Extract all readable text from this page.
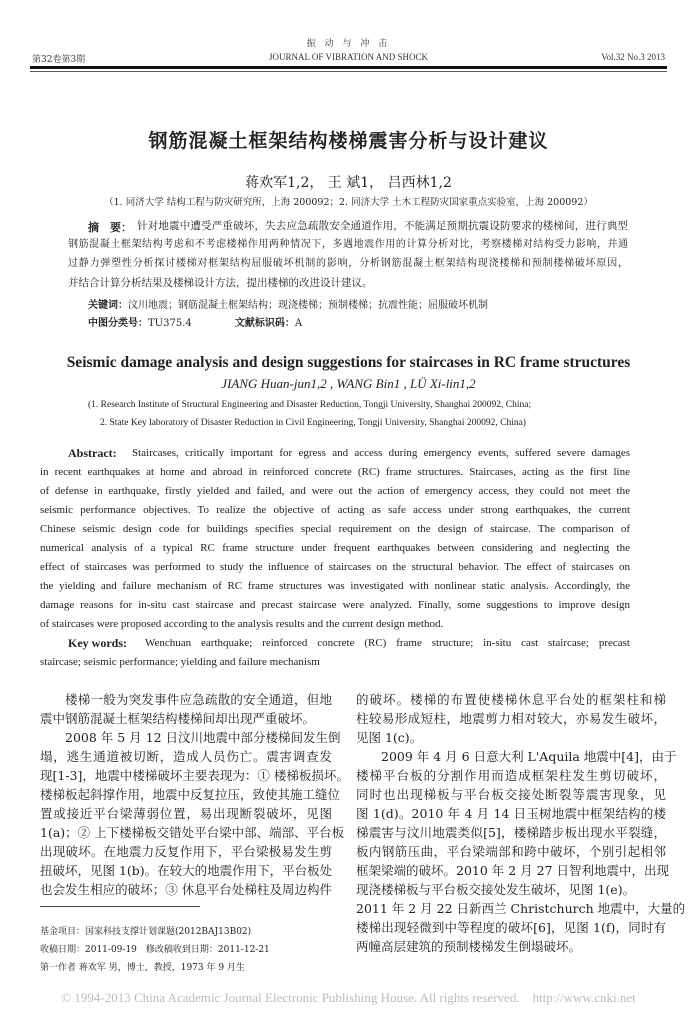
振 动 与 冲 击
第32卷第3期	JOURNAL OF VIBRATION AND SHOCK	Vol.32 No.3 2013
钢筋混凝土框架结构楼梯震害分析与设计建议
蒋欢军1,2， 王 斌1， 吕西林1,2
（1. 同济大学 结构工程与防灾研究所，上海 200092；2. 同济大学 土木工程防灾国家重点实验室，上海 200092）
摘　要： 针对地震中遭受严重破坏，失去应急疏散安全通道作用，不能满足预期抗震设防要求的楼梯间，进行典型
钢筋混凝土框架结构考虑和不考虑楼梯作用两种情况下，多遇地震作用的计算分析对比，考察楼梯对结构受力影响，并通
过静力弹塑性分析探讨楼梯对框架结构屈服破坏机制的影响，分析钢筋混凝土框架结构现浇楼梯和预制楼梯破坏原因，
并结合计算分析结果及楼梯设计方法，提出楼梯的改进设计建议。
关键词：汶川地震；钢筋混凝土框架结构；现浇楼梯；预制楼梯；抗震性能；屈服破坏机制
中图分类号：TU375.4	文献标识码：A
Seismic damage analysis and design suggestions for staircases in RC frame structures
JIANG Huan-jun1,2 , WANG Bin1 , LÜ Xi-lin1,2
(1. Research Institute of Structural Engineering and Disaster Reduction, Tongji University, Shanghai 200092, China;
2. State Key laboratory of Disaster Reduction in Civil Engineering, Tongji University, Shanghai 200092, China)
Abstract: Staircases, critically important for egress and access during emergency events, suffered severe damages
in recent earthquakes at home and abroad in reinforced concrete (RC) frame structures. Staircases, acting as the first line
of defense in earthquake, firstly yielded and failed, and were out the action of emergency access, they could not meet the
seismic performance objectives. To realize the objective of acting as safe access under strong earthquakes, the current
Chinese seismic design code for buildings specifies special requirement on the design of staircase. The comparison of
numerical analysis of a typical RC frame structure under frequent earthquakes between considering and neglecting the
effect of staircases was performed to study the influence of staircases on the structural behavior. The effect of staircases on
the yielding and failure mechanism of RC frame structures was investigated with nonlinear static analysis. Accordingly, the
damage reasons for in-situ cast staircase and precast staircase were analyzed. Finally, some suggestions to improve design
of staircases were proposed according to the analysis results and the current design method.
Key words: Wenchuan earthquake; reinforced concrete (RC) frame structure; in-situ cast staircase; precast
staircase; seismic performance; yielding and failure mechanism
楼梯一般为突发事件应急疏散的安全通道，但地
震中钢筋混凝土框架结构楼梯间却出现严重破坏。
2008 年 5 月 12 日汶川地震中部分楼梯间发生倒
塌，逃生通道被切断，造成人员伤亡。震害调查发
现[1-3]，地震中楼梯破坏主要表现为：① 楼梯板损坏。
楼梯板起斜撑作用，地震中反复拉压，致使其施工缝位
置或接近平台梁薄弱位置，易出现断裂破坏，见图
1(a)；② 上下楼梯板交错处平台梁中部、端部、平台板
出现破坏。在地震力反复作用下，平台梁极易发生剪
扭破坏，见图 1(b)。在较大的地震作用下，平台板处
也会发生相应的破坏；③ 休息平台处梯柱及周边构件
的破坏。楼梯的布置使楼梯休息平台处的框架柱和梯
柱较易形成短柱，地震剪力相对较大，亦易发生破坏，
见图 1(c)。
2009 年 4 月 6 日意大利 L'Aquila 地震中[4]，由于
楼梯平台板的分割作用而造成框架柱发生剪切破坏，
同时也出现梯板与平台板交接处断裂等震害现象，见
图 1(d)。2010 年 4 月 14 日玉树地震中框架结构的楼
梯震害与汶川地震类似[5]，楼梯踏步板出现水平裂缝，
板内钢筋压曲，平台梁端部和跨中破坏，个别引起相邻
框架梁端的破坏。2010 年 2 月 27 日智利地震中，出现
现浇楼梯板与平台板交接处发生破坏，见图 1(e)。
2011 年 2 月 22 日新西兰 Christchurch 地震中，大量的
楼梯出现轻微到中等程度的破坏[6]，见图 1(f)，同时有
两幢高层建筑的预制楼梯发生倒塌破坏。
基金项目：国家科技支撑计划课题(2012BAJ13B02)
收稿日期：2011-09-19　修改稿收到日期：2011-12-21
第一作者 蒋欢军 男，博士，教授，1973 年 9 月生
© 1994-2013 China Academic Journal Electronic Publishing House. All rights reserved.　http://www.cnki.net
